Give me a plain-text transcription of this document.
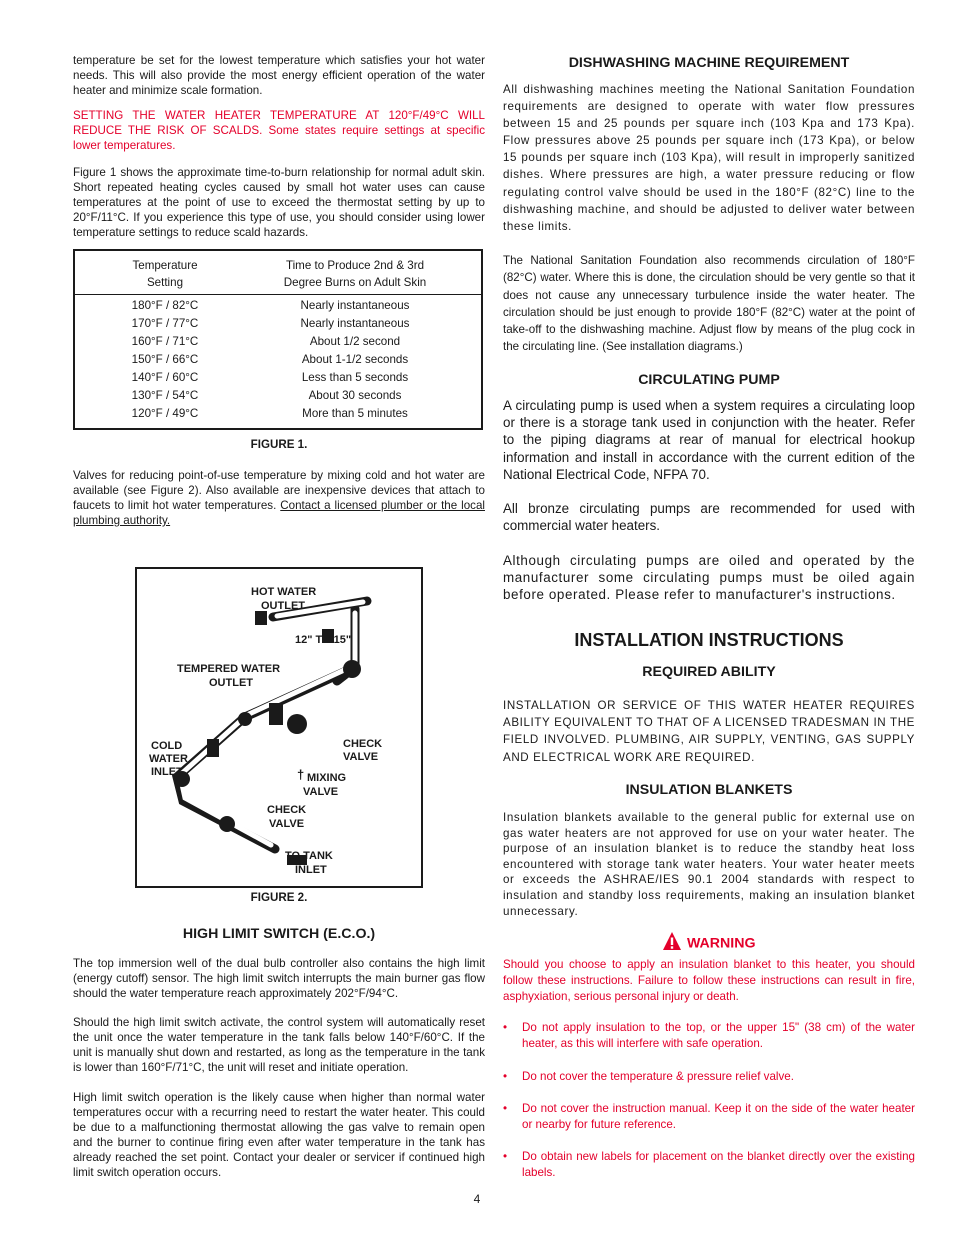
temperature be set for the lowest temperature which satisfies your hot water needs. This will also provide the most energy efficient operation of the water heater and minimize scale formation.

SETTING THE WATER HEATER TEMPERATURE AT 120°F/49°C WILL REDUCE THE RISK OF SCALDS. Some states require settings at specific lower temperatures.

Figure 1 shows the approximate time-to-burn relationship for normal adult skin. Short repeated heating cycles caused by small hot water uses can cause temperatures at the point of use to exceed the thermostat setting by up to 20°F/11°C. If you experience this type of use, you should consider using lower temperature settings to reduce scald hazards.

Temperature
Setting
Time to Produce 2nd & 3rd
Degree Burns on Adult Skin
180°F / 82°C	Nearly instantaneous
170°F / 77°C	Nearly instantaneous
160°F / 71°C	About 1/2 second
150°F / 66°C	About 1-1/2 seconds
140°F / 60°C	Less than 5 seconds
130°F / 54°C	About 30 seconds
120°F / 49°C	More than 5 minutes
FIGURE 1.

Valves for reducing point-of-use temperature by mixing cold and hot water are available (see Figure 2). Also available are inexpensive devices that attach to faucets to limit hot water temperatures. Contact a licensed plumber or the local plumbing authority.

HOT WATER
OUTLET
12" TO 15"
TEMPERED WATER
OUTLET
COLD
WATER
INLET
CHECK
VALVE
† MIXING
VALVE
CHECK
VALVE
TO TANK
INLET
FIGURE 2.
HIGH LIMIT SWITCH (E.C.O.)

The top immersion well of the dual bulb controller also contains the high limit (energy cutoff) sensor. The high limit switch interrupts the main burner gas flow should the water temperature reach approximately 202°F/94°C.

Should the high limit switch activate, the control system will automatically reset the unit once the water temperature in the tank falls below 140°F/60°C. If the unit is manually shut down and restarted, as long as the temperature in the tank is lower than 160°F/71°C, the unit will reset and initiate operation.

High limit switch operation is the likely cause when higher than normal water temperatures occur with a recurring need to restart the water heater. This could be due to a malfunctioning thermostat allowing the gas valve to remain open and the burner to continue firing even after water temperature in the tank has already reached the set point. Contact your dealer or servicer if continued high limit switch operation occurs.

DISHWASHING MACHINE REQUIREMENT

All dishwashing machines meeting the National Sanitation Foundation requirements are designed to operate with water flow pressures between 15 and 25 pounds per square inch (103 Kpa and 173 Kpa). Flow pressures above 25 pounds per square inch (173 Kpa), or below 15 pounds per square inch (103 Kpa), will result in improperly sanitized dishes. Where pressures are high, a water pressure reducing or flow regulating control valve should be used in the 180°F (82°C) line to the dishwashing machine, and should be adjusted to deliver water between these limits.

The National Sanitation Foundation also recommends circulation of 180°F (82°C) water. Where this is done, the circulation should be very gentle so that it does not cause any unnecessary turbulence inside the water heater. The circulation should be just enough to provide 180°F (82°C) water at the point of take-off to the dishwashing machine. Adjust flow by means of the plug cock in the circulating line. (See installation diagrams.)

CIRCULATING PUMP

A circulating pump is used when a system requires a circulating loop or there is a storage tank used in conjunction with the heater. Refer to the piping diagrams at rear of manual for electrical hookup information and install in accordance with the current edition of the National Electrical Code, NFPA 70.

All bronze circulating pumps are recommended for used with commercial water heaters.

Although circulating pumps are oiled and operated by the manufacturer some circulating pumps must be oiled again before operated. Please refer to manufacturer's instructions.

INSTALLATION INSTRUCTIONS
REQUIRED ABILITY

INSTALLATION OR SERVICE OF THIS WATER HEATER REQUIRES ABILITY EQUIVALENT TO THAT OF A LICENSED TRADESMAN IN THE FIELD INVOLVED. PLUMBING, AIR SUPPLY, VENTING, GAS SUPPLY AND ELECTRICAL WORK ARE REQUIRED.

INSULATION BLANKETS

Insulation blankets available to the general public for external use on gas water heaters are not approved for use on your water heater. The purpose of an insulation blanket is to reduce the standby heat loss encountered with storage tank water heaters. Your water heater meets or exceeds the ASHRAE/IES 90.1 2004 standards with respect to insulation and standby loss requirements, making an insulation blanket unnecessary.

WARNING

Should you choose to apply an insulation blanket to this heater, you should follow these instructions. Failure to follow these instructions can result in fire, asphyxiation, serious personal injury or death.

• Do not apply insulation to the top, or the upper 15" (38 cm) of the water heater, as this will interfere with safe operation.
• Do not cover the temperature & pressure relief valve.
• Do not cover the instruction manual. Keep it on the side of the water heater or nearby for future reference.
• Do obtain new labels for placement on the blanket directly over the existing labels.
4
